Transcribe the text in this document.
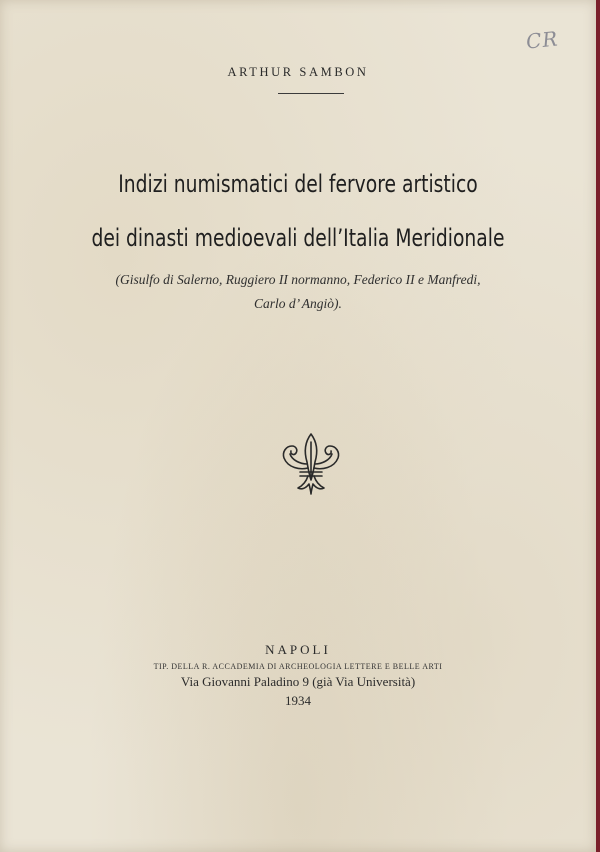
CR
ARTHUR SAMBON
Indizi numismatici del fervore artistico
dei dinasti medioevali dell’Italia Meridionale
(Gisulfo di Salerno, Ruggiero II normanno, Federico II e Manfredi,
Carlo d’ Angiò).
NAPOLI
TIP. DELLA R. ACCADEMIA DI ARCHEOLOGIA LETTERE E BELLE ARTI
Via Giovanni Paladino 9 (già Via Università)
1934
